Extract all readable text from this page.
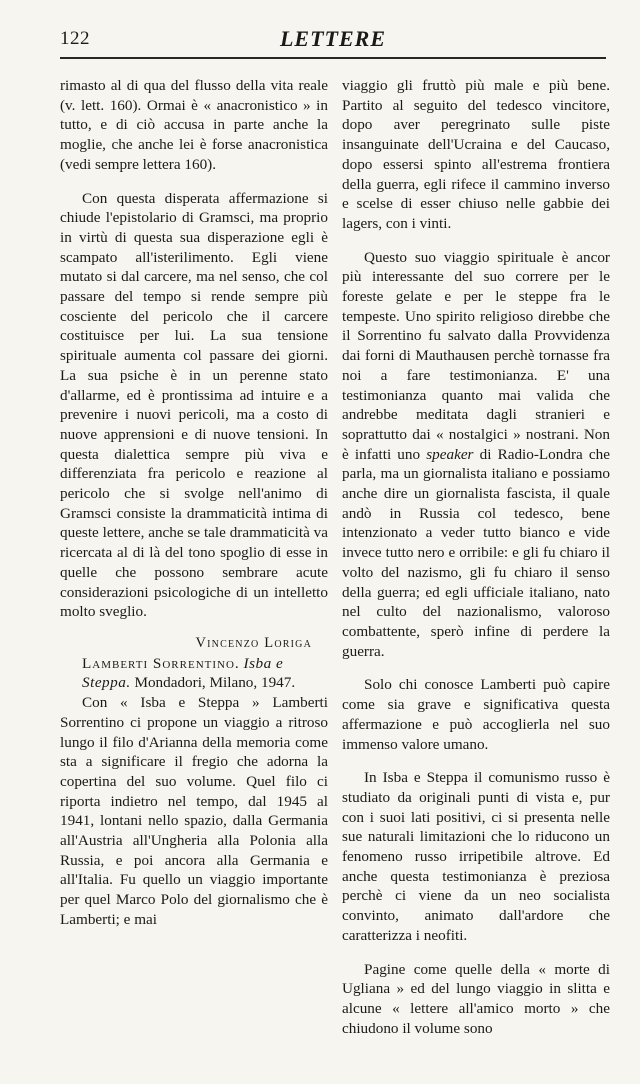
122	LETTERE

rimasto al di qua del flusso della vita reale (v. lett. 160). Ormai è « anacronistico » in tutto, e di ciò accusa in parte anche la moglie, che anche lei è forse anacronistica (vedi sempre lettera 160).

Con questa disperata affermazione si chiude l'epistolario di Gramsci, ma proprio in virtù di questa sua disperazione egli è scampato all'isterilimento. Egli viene mutato si dal carcere, ma nel senso, che col passare del tempo si rende sempre più cosciente del pericolo che il carcere costituisce per lui. La sua tensione spirituale aumenta col passare dei giorni. La sua psiche è in un perenne stato d'allarme, ed è prontissima ad intuire e a prevenire i nuovi pericoli, ma a costo di nuove apprensioni e di nuove tensioni. In questa dialettica sempre più viva e differenziata fra pericolo e reazione al pericolo che si svolge nell'animo di Gramsci consiste la drammaticità intima di queste lettere, anche se tale drammaticità va ricercata al di là del tono spoglio di esse in quelle che possono sembrare acute considerazioni psicologiche di un intelletto molto sveglio.

Vincenzo Loriga

Lamberti Sorrentino. Isba e Steppa. Mondadori, Milano, 1947.

Con « Isba e Steppa » Lamberti Sorrentino ci propone un viaggio a ritroso lungo il filo d'Arianna della memoria come sta a significare il fregio che adorna la copertina del suo volume. Quel filo ci riporta indietro nel tempo, dal 1945 al 1941, lontani nello spazio, dalla Germania all'Austria all'Ungheria alla Polonia alla Russia, e poi ancora alla Germania e all'Italia. Fu quello un viaggio importante per quel Marco Polo del giornalismo che è Lamberti; e mai

viaggio gli fruttò più male e più bene. Partito al seguito del tedesco vincitore, dopo aver peregrinato sulle piste insanguinate dell'Ucraina e del Caucaso, dopo essersi spinto all'estrema frontiera della guerra, egli rifece il cammino inverso e scelse di esser chiuso nelle gabbie dei lagers, con i vinti.

Questo suo viaggio spirituale è ancor più interessante del suo correre per le foreste gelate e per le steppe fra le tempeste. Uno spirito religioso direbbe che il Sorrentino fu salvato dalla Provvidenza dai forni di Mauthausen perchè tornasse fra noi a fare testimonianza. E' una testimonianza quanto mai valida che andrebbe meditata dagli stranieri e soprattutto dai « nostalgici » nostrani. Non è infatti uno speaker di Radio-Londra che parla, ma un giornalista italiano e possiamo anche dire un giornalista fascista, il quale andò in Russia col tedesco, bene intenzionato a veder tutto bianco e vide invece tutto nero e orribile: e gli fu chiaro il volto del nazismo, gli fu chiaro il senso della guerra; ed egli ufficiale italiano, nato nel culto del nazionalismo, valoroso combattente, sperò infine di perdere la guerra.

Solo chi conosce Lamberti può capire come sia grave e significativa questa affermazione e può accoglierla nel suo immenso valore umano.

In Isba e Steppa il comunismo russo è studiato da originali punti di vista e, pur con i suoi lati positivi, ci si presenta nelle sue naturali limitazioni che lo riducono un fenomeno russo irripetibile altrove. Ed anche questa testimonianza è preziosa perchè ci viene da un neo socialista convinto, animato dall'ardore che caratterizza i neofiti.

Pagine come quelle della « morte di Ugliana » ed del lungo viaggio in slitta e alcune « lettere all'amico morto » che chiudono il volume sono
